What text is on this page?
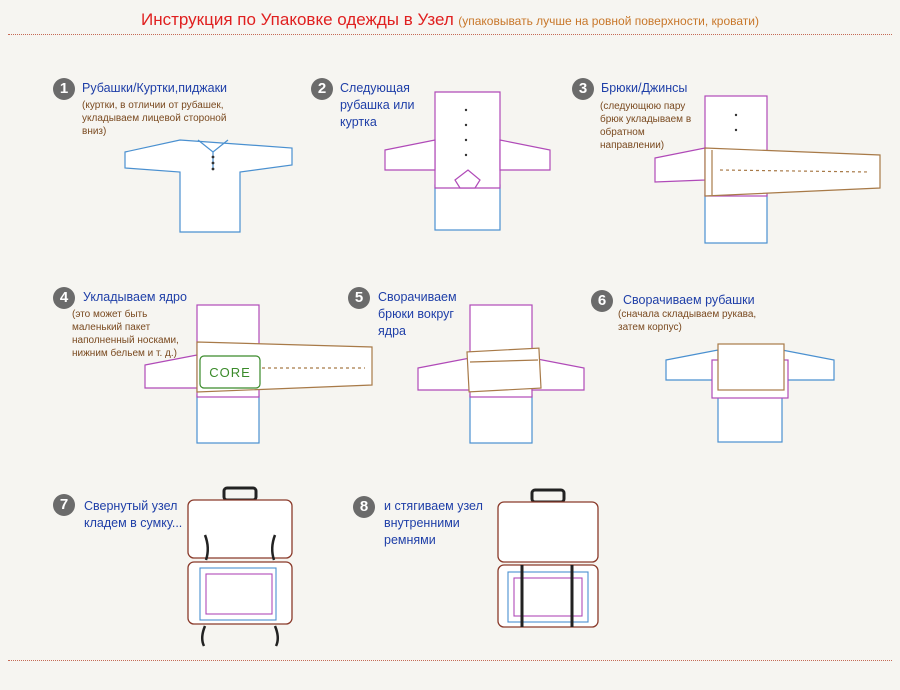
Инструкция по Упаковке одежды в Узел (упаковывать лучше на ровной поверхности, кровати)
1	Рубашки/Куртки,пиджаки
(куртки, в отличии от рубашек, укладываем лицевой стороной вниз)
2	Следующая рубашка или куртка
3	Брюки/Джинсы
(следующюю пару брюк укладываем в обратном направлении)
4	Укладываем ядро
(это может быть маленький пакет наполненный носками, нижним бельем и т. д.)
CORE
5	Сворачиваем брюки вокруг ядра
6	Сворачиваем рубашки
(сначала складываем рукава, затем корпус)
7	Свернутый узел кладем в сумку...
8	и стягиваем узел внутренними ремнями
